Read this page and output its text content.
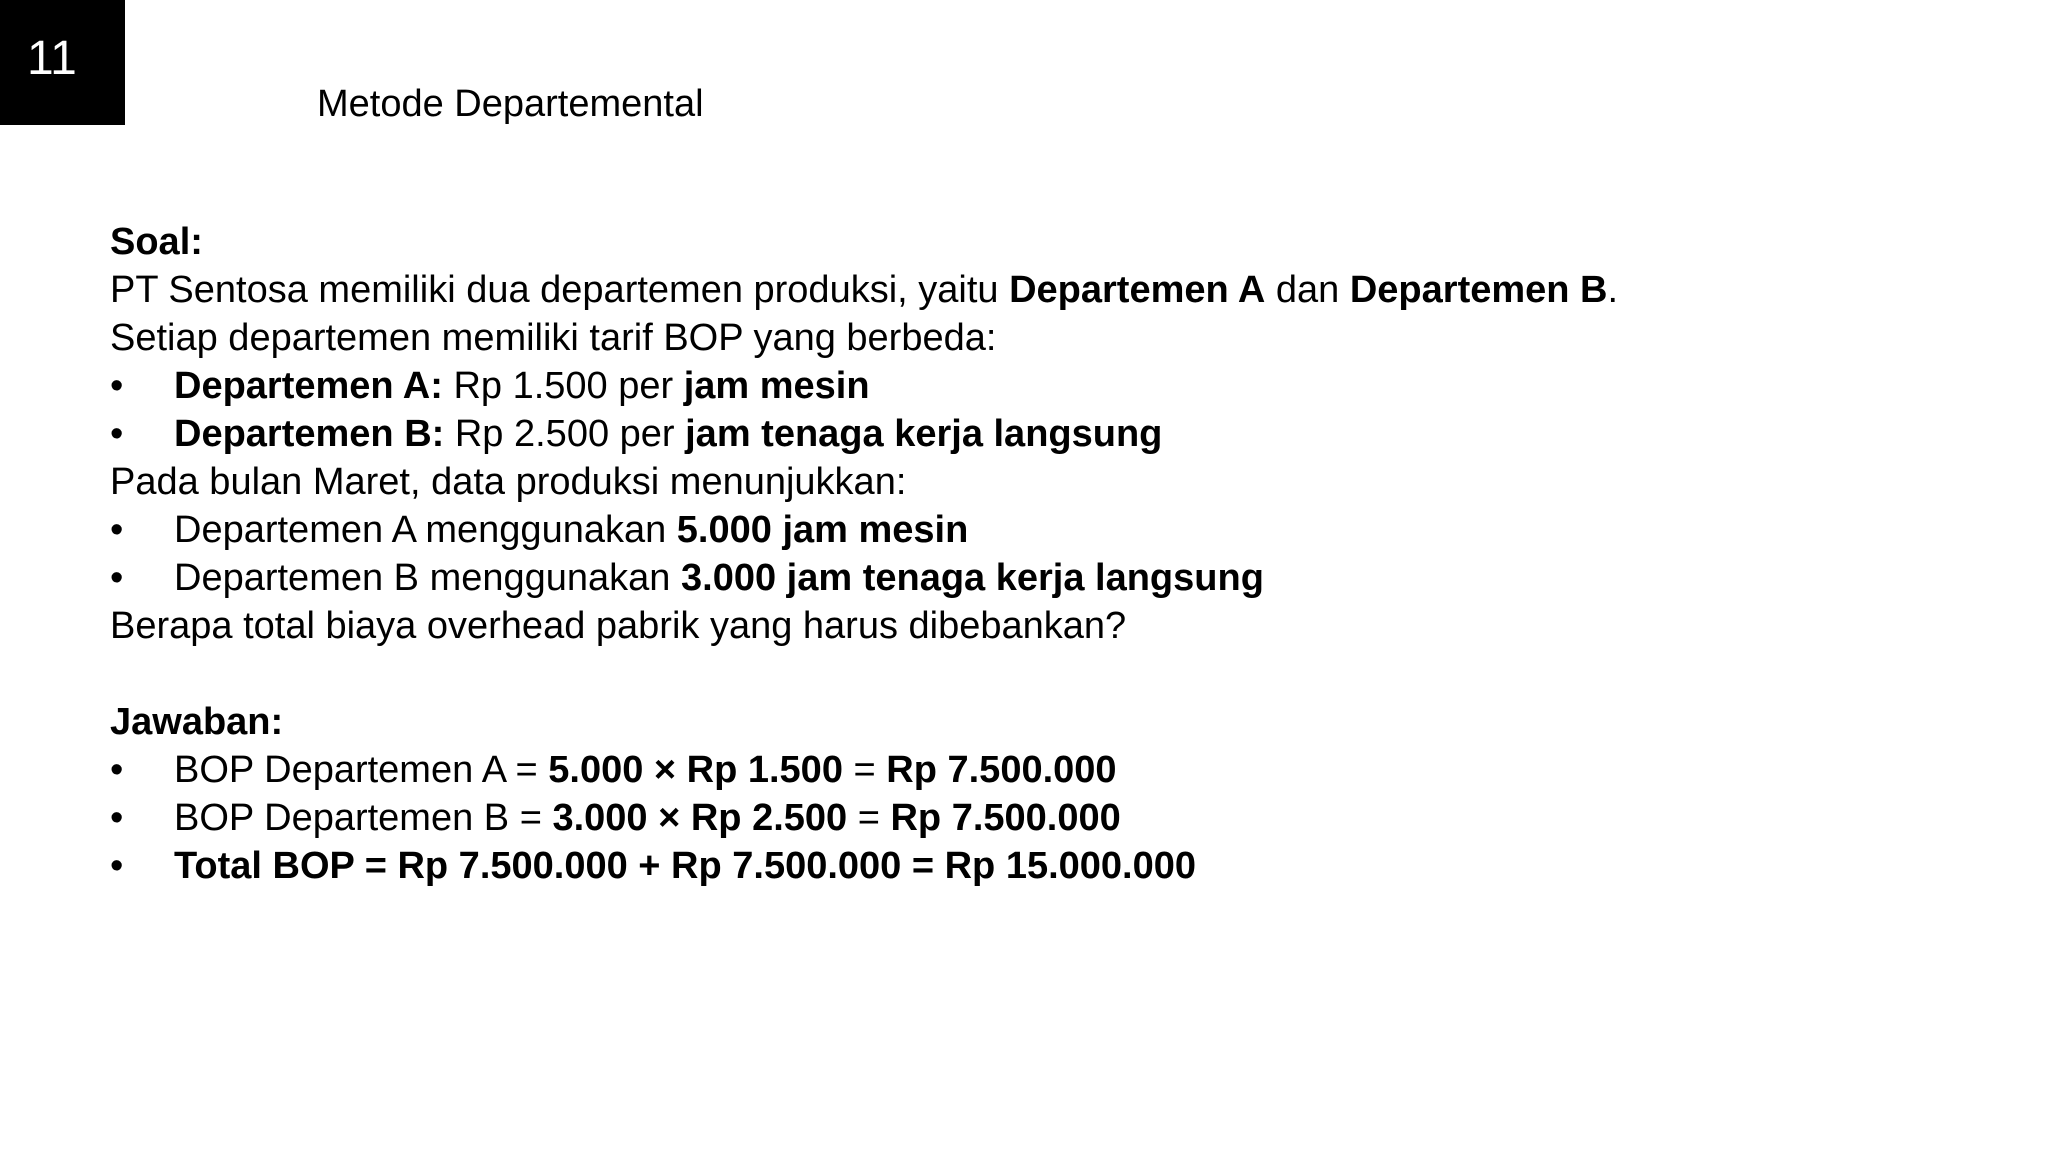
11
Metode Departemental
Soal:
PT Sentosa memiliki dua departemen produksi, yaitu Departemen A dan Departemen B.
Setiap departemen memiliki tarif BOP yang berbeda:
•	Departemen A: Rp 1.500 per jam mesin
•	Departemen B: Rp 2.500 per jam tenaga kerja langsung
Pada bulan Maret, data produksi menunjukkan:
•	Departemen A menggunakan 5.000 jam mesin
•	Departemen B menggunakan 3.000 jam tenaga kerja langsung
Berapa total biaya overhead pabrik yang harus dibebankan?
Jawaban:
•	BOP Departemen A = 5.000 × Rp 1.500 = Rp 7.500.000
•	BOP Departemen B = 3.000 × Rp 2.500 = Rp 7.500.000
•	Total BOP = Rp 7.500.000 + Rp 7.500.000 = Rp 15.000.000
